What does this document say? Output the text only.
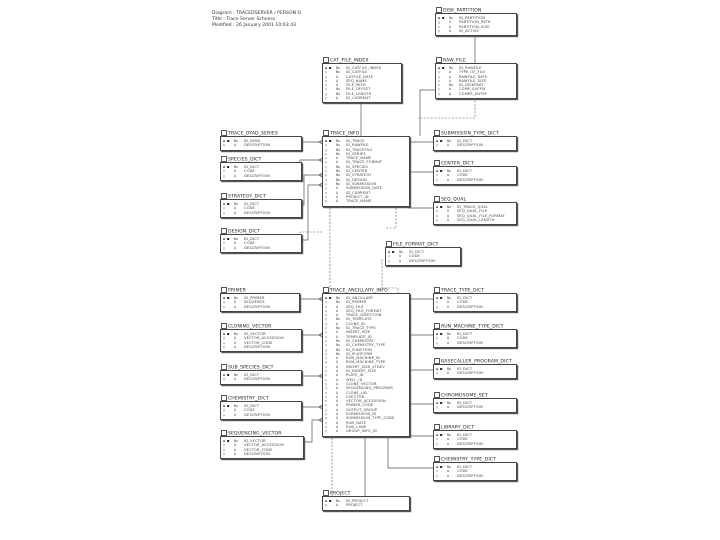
Diagram : TRACEDSERVER / PERSON O
Title : Trace Server Schema
Modified : 26 January 2001 10:03:43
DISK_PARTITION
◆ ■	Nu	ID_PARTITION
□	A	PARTITION_PATH
○	A	PARTITION_SIZE
○	A	ID_ACTIVE
CAT_FILE_INDEX
◆ ■	Nu	ID_CATFILE_INDEX
○	Nu	ID_CATFILE
○	A	CATFILE_DATE
○	A	SEQ_NAME
○	A	FILE_PATH
○	Nu	FILE_OFFSET
○	Nu	FILE_LENGTH
○	A	ID_CURRENT
RAW_FILE
◆ ■	Nu	ID_RAWFILE
○	A	TYPE_OF_FILE
○	A	RAWFILE_DATE
○	A	RAWFILE_SIZE
○	Nu	ID_DISKPART
○	A	COMP_SUFFIX
○	A	COMPR_ENTRY
TRACE_DYAD_SERIES
◆ ■	Nu	ID_DYAD
○	A	DESCRIPTION
SPECIES_DICT
◆ ■	Nu	ID_DICT
○	A	CODE
○	A	DESCRIPTION
STRATEGY_DICT
◆ ■	Nu	ID_DICT
○	A	CODE
○	A	DESCRIPTION
DESIGN_DICT
◆ ■	Nu	ID_DICT
○	A	CODE
○	A	DESCRIPTION
TRACE_INFO
◆ ■	Nu	ID_TRACE
○	Nu	ID_RAWFILE
○	Nu	ID_TRACEFILE
○	Nu	ID_SERIES
○	A	TRACE_NAME
○	A	ID_TRACE_FORMAT
○	Nu	ID_SPECIES
○	Nu	ID_CENTER
○	Nu	ID_STRATEGY
○	Nu	ID_DESIGN
○	Nu	ID_SUBMISSION
○	A	SUBMISSION_DATE
○	A	ID_CURRENT
○	A	PROJECT_ID
○	A	TRACE_NAME
SUBMISSION_TYPE_DICT
◆ ■	Nu	ID_DICT
○	A	DESCRIPTION
CENTER_DICT
◆ ■	Nu	ID_DICT
○	A	CODE
○	A	DESCRIPTION
SEQ_QUAL
◆ ■	Nu	ID_TRACE_QUAL
○	A	SEQ_QUAL_FILE
○	A	SEQ_QUAL_FILE_FORMAT
○	A	SEQ_QUAL_LENGTH
FILE_FORMAT_DICT
◆ ■	Nu	ID_DICT
○	A	CODE
○	A	DESCRIPTION
PRIMER
◆ ■	Nu	ID_PRIMER
○	A	SEQUENCE
○	A	DESCRIPTION
TRACE_ANCILLARY_INFO
◆ ■	Nu	ID_ANCILLARY
○	Nu	ID_PRIMER
○	A	SEQ_FILE
○	A	SEQ_FILE_FORMAT
○	A	TRACE_DIRECTION
○	Nu	ID_TEMPLATE
○	A	CLONE_ID
○	Nu	ID_TRACE_TYPE
○	A	INSERT_SIZE
○	A	TEMPLATE_ID
○	Nu	ID_CHEMISTRY
○	Nu	ID_CHEMISTRY_TYPE
○	Nu	ID_FUNCTION
○	Nu	ID_PLATFORM
○	A	RUN_MACHINE_ID
○	A	RUN_MACHINE_TYPE
○	A	INSERT_SIZE_STDEV
○	A	ID_INSERT_SIZE
○	A	PLATE_ID
○	A	WELL_ID
○	A	CLONE_VECTOR
○	A	SEQUENCING_PROGRAM
○	A	CLONE_LIB
○	A	CVECTOR
○	A	VECTOR_ACCESSION
○	A	PRIMER_CODE
○	A	OUTPUT_GROUP
○	A	SUBMISSION_ID
○	A	SUBMISSION_TYPE_CODE
○	A	RUN_DATE
○	A	RUN_LANE
○	A	GROUP_INFO_ID
TRACE_TYPE_DICT
◆ ■	Nu	ID_DICT
○	A	CODE
○	A	DESCRIPTION
CLONING_VECTOR
◆ ■	Nu	ID_VECTOR
○	A	VECTOR_ACCESSION
○	A	VECTOR_CODE
○	A	DESCRIPTION
RUN_MACHINE_TYPE_DICT
◆ ■	Nu	ID_DICT
○	A	CODE
○	A	DESCRIPTION
SUB_SPECIES_DICT
◆ ■	Nu	ID_DICT
○	A	DESCRIPTION
BASECALLER_PROGRAM_DICT
◆ ■	Nu	ID_DICT
○	A	DESCRIPTION
CHEMISTRY_DICT
◆ ■	Nu	ID_DICT
○	A	CODE
○	A	DESCRIPTION
CHROMOSOME_SET
◆ ■	Nu	ID_DICT
○	A	DESCRIPTION
SEQUENCING_VECTOR
◆ ■	Nu	ID_VECTOR
○	A	VECTOR_ACCESSION
○	A	VECTOR_CODE
○	A	DESCRIPTION
LIBRARY_DICT
◆ ■	Nu	ID_DICT
○	A	CODE
○	A	DESCRIPTION
CHEMISTRY_TYPE_DICT
◆ ■	Nu	ID_DICT
○	A	CODE
○	A	DESCRIPTION
PROJECT
◆ ■	Nu	ID_PROJECT
○	A	PROJECT
